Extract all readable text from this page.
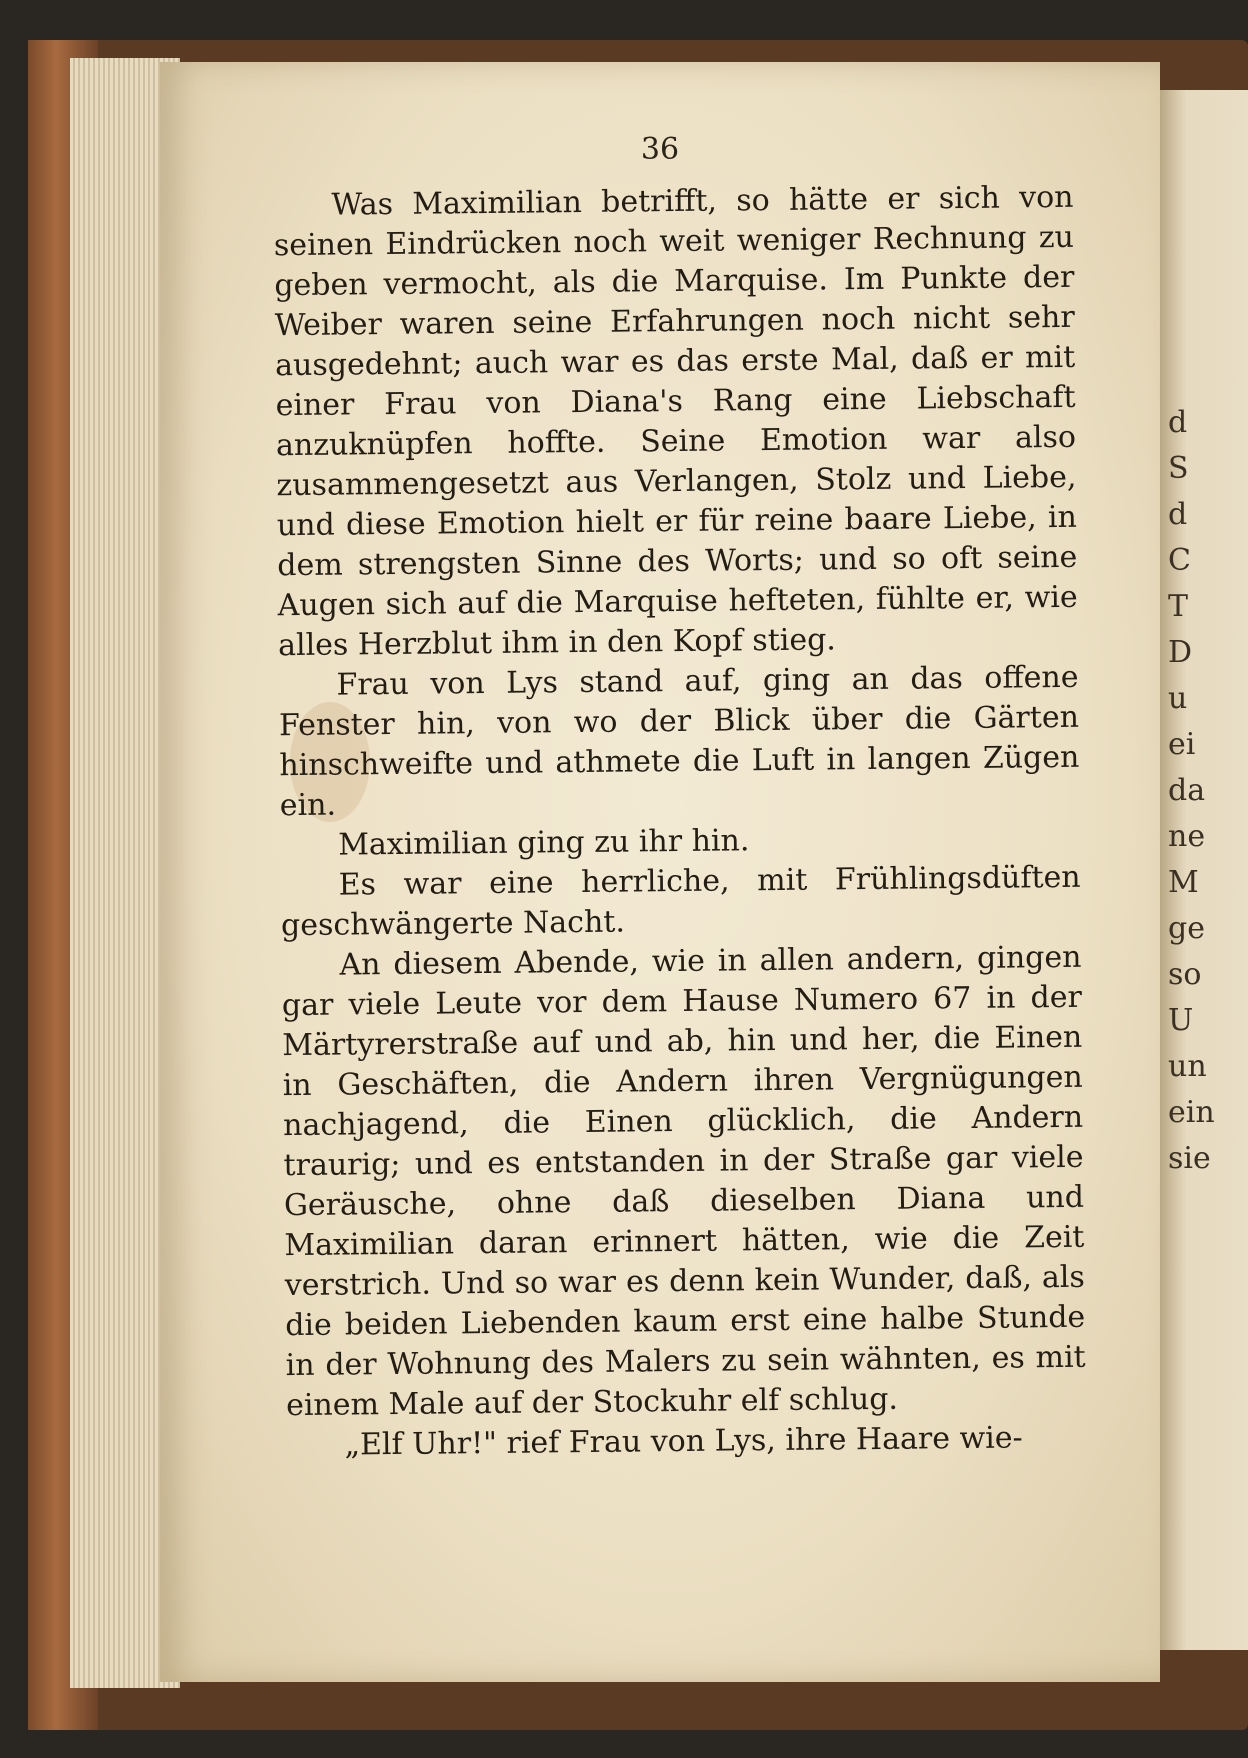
36

Was Maximilian betrifft, so hätte er sich von seinen Eindrücken noch weit weniger Rechnung zu geben vermocht, als die Marquise. Im Punkte der Weiber waren seine Erfahrungen noch nicht sehr ausgedehnt; auch war es das erste Mal, daß er mit einer Frau von Diana's Rang eine Liebschaft anzuknüpfen hoffte. Seine Emotion war also zusammengesetzt aus Verlangen, Stolz und Liebe, und diese Emotion hielt er für reine baare Liebe, in dem strengsten Sinne des Worts; und so oft seine Augen sich auf die Marquise hefteten, fühlte er, wie alles Herzblut ihm in den Kopf stieg.

Frau von Lys stand auf, ging an das offene Fenster hin, von wo der Blick über die Gärten hinschweifte und athmete die Luft in langen Zügen ein.

Maximilian ging zu ihr hin.

Es war eine herrliche, mit Frühlingsdüften geschwängerte Nacht.

An diesem Abende, wie in allen andern, gingen gar viele Leute vor dem Hause Numero 67 in der Märtyrerstraße auf und ab, hin und her, die Einen in Geschäften, die Andern ihren Vergnügungen nachjagend, die Einen glücklich, die Andern traurig; und es entstanden in der Straße gar viele Geräusche, ohne daß dieselben Diana und Maximilian daran erinnert hätten, wie die Zeit verstrich. Und so war es denn kein Wunder, daß, als die beiden Liebenden kaum erst eine halbe Stunde in der Wohnung des Malers zu sein wähnten, es mit einem Male auf der Stockuhr elf schlug.

„Elf Uhr!" rief Frau von Lys, ihre Haare wie-

d
S
d
C
T
D
u
ei
da
ne
M
ge
so
U
un
ein
sie
